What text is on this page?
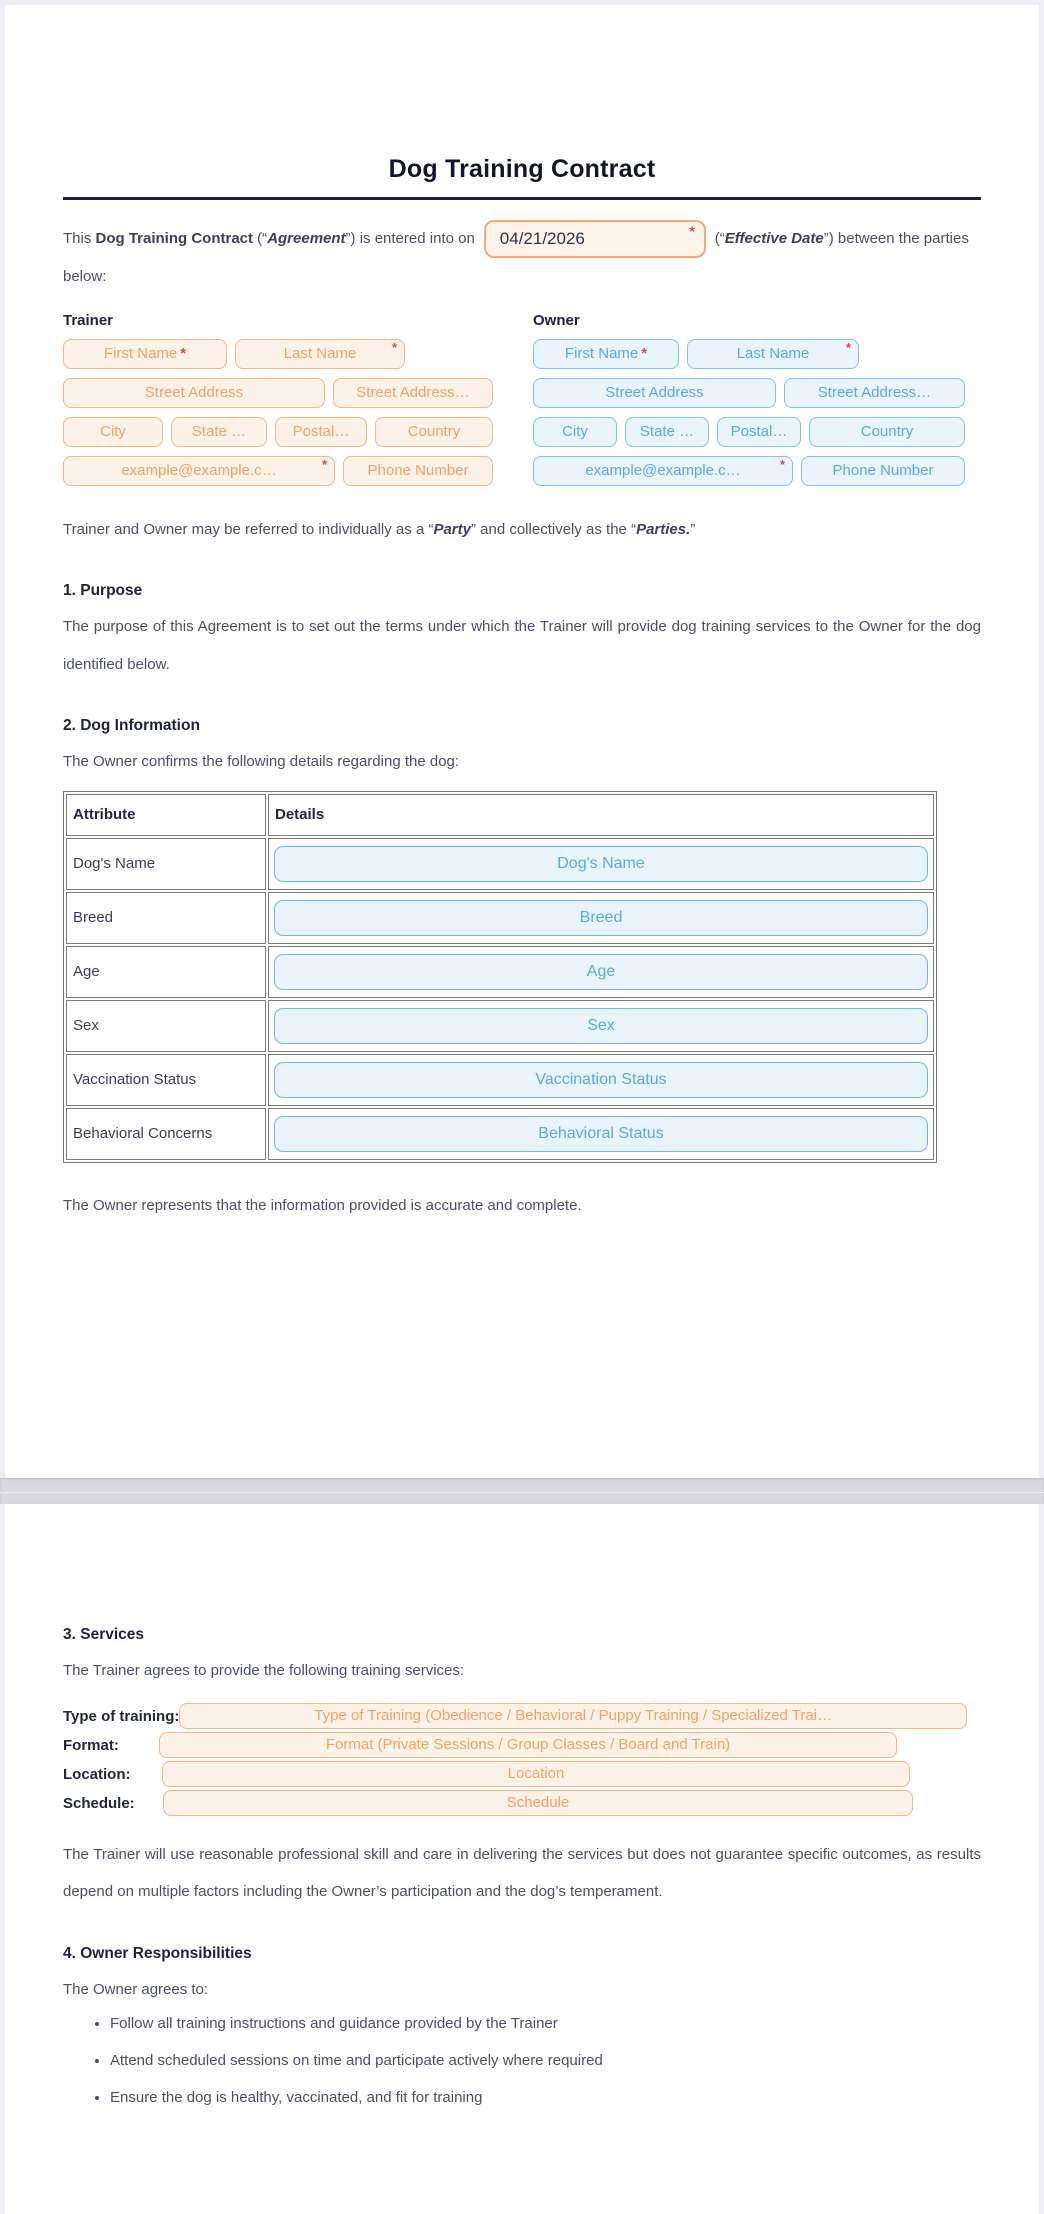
Dog Training Contract

This Dog Training Contract (“Agreement”) is entered into on 04/21/2026	* (“Effective Date”) between the parties below:

Trainer
First Name *	Last Name	*
Street Address	Street Address…
City	State …	Postal…	Country
example@example.c…	*	Phone Number
Owner
First Name *	Last Name	*
Street Address	Street Address…
City	State …	Postal…	Country
example@example.c…	*	Phone Number

Trainer and Owner may be referred to individually as a “Party” and collectively as the “Parties.”

1. Purpose

The purpose of this Agreement is to set out the terms under which the Trainer will provide dog training services to the Owner for the dog identified below.

2. Dog Information

The Owner confirms the following details regarding the dog:

Attribute	Details
Dog's Name	Dog's Name

Breed	Breed

Age	Age

Sex	Sex

Vaccination Status	Vaccination Status

Behavioral Concerns	Behavioral Status

The Owner represents that the information provided is accurate and complete.

3. Services

The Trainer agrees to provide the following training services:

Type of training:	Type of Training (Obedience / Behavioral / Puppy Training / Specialized Trai…
Format:	Format (Private Sessions / Group Classes / Board and Train)
Location:	Location
Schedule:	Schedule

The Trainer will use reasonable professional skill and care in delivering the services but does not guarantee specific outcomes, as results depend on multiple factors including the Owner’s participation and the dog’s temperament.

4. Owner Responsibilities

The Owner agrees to:

• Follow all training instructions and guidance provided by the Trainer
• Attend scheduled sessions on time and participate actively where required
• Ensure the dog is healthy, vaccinated, and fit for training
